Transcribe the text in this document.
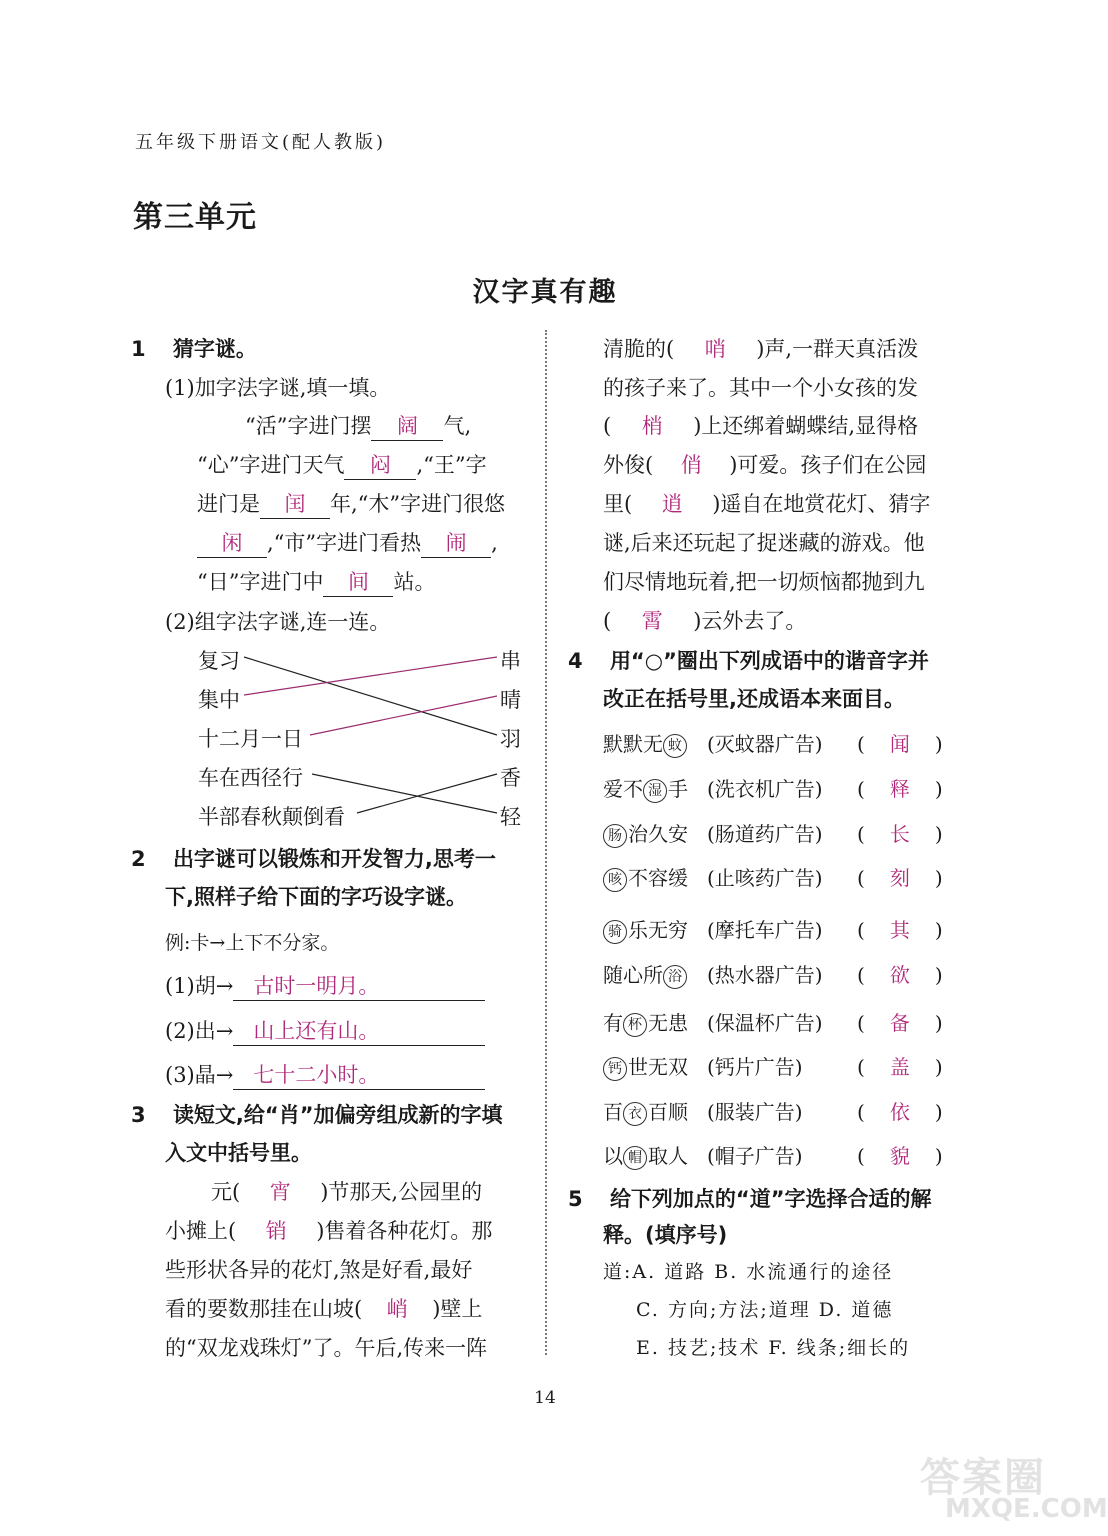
五年级下册语文(配人教版)
第三单元
汉字真有趣
1 猜字谜。
(1)加字法字谜,填一填。
“活”字进门摆 阔 气,
“心”字进门天气 闷 ,“王”字
进门是 闰 年,“木”字进门很悠
闲 ,“市”字进门看热 闹 ,
“日”字进门中 间 站。
(2)组字法字谜,连一连。
复习
集中
十二月一日
车在西径行
半部春秋颠倒看
串
晴
羽
香
轻
2 出字谜可以锻炼和开发智力,思考一
下,照样子给下面的字巧设字谜。
例:卡→上下不分家。
(1)胡→ 古时一明月。
(2)出→ 山上还有山。
(3)晶→ 七十二小时。
3 读短文,给“肖”加偏旁组成新的字填
入文中括号里。
元( 宵 )节那天,公园里的
小摊上( 销 )售着各种花灯。那
些形状各异的花灯,煞是好看,最好
看的要数那挂在山坡( 峭 )壁上
的“双龙戏珠灯”了。午后,传来一阵
清脆的( 哨 )声,一群天真活泼
的孩子来了。其中一个小女孩的发
( 梢 )上还绑着蝴蝶结,显得格
外俊( 俏 )可爱。孩子们在公园
里( 逍 )遥自在地赏花灯、猜字
谜,后来还玩起了捉迷藏的游戏。他
们尽情地玩着,把一切烦恼都抛到九
( 霄 )云外去了。
4 用“○”圈出下列成语中的谐音字并
改正在括号里,还成语本来面目。
默默无 蚊 (灭蚊器广告) ( 闻 )
爱不 湿 手 (洗衣机广告) ( 释 )
肠 治久安 (肠道药广告) ( 长 )
咳 不容缓 (止咳药广告) ( 刻 )
骑 乐无穷 (摩托车广告) ( 其 )
随心所 浴 (热水器广告) ( 欲 )
有 杯 无患 (保温杯广告) ( 备 )
钙 世无双 (钙片广告)	( 盖 )
百 衣 百顺 (服装广告)	( 依 )
以 帽 取人 (帽子广告)	( 貌 )
5 给下列加点的“道”字选择合适的解
释。(填序号)
道:A. 道路 B. 水流通行的途径
C. 方向;方法;道理 D. 道德
E. 技艺;技术 F. 线条;细长的
14
答案圈
MXQE.COM
